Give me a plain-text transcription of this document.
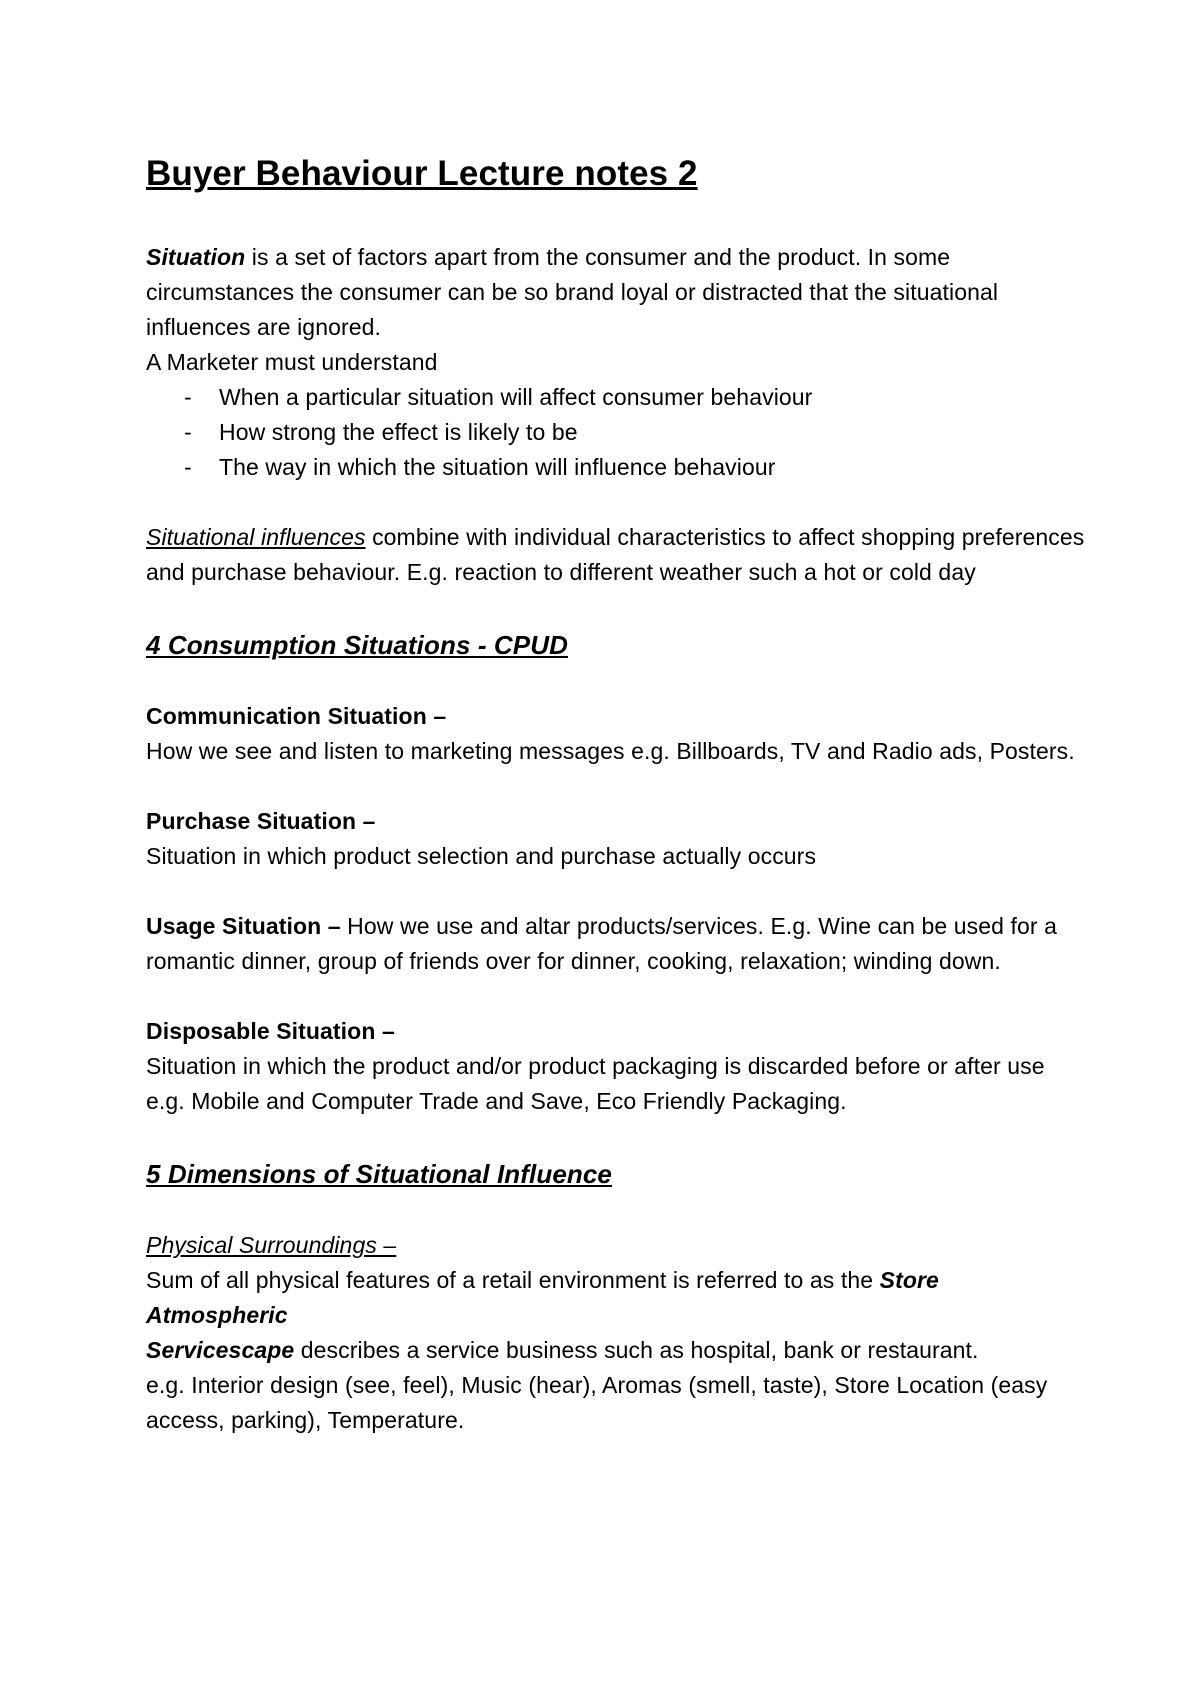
Buyer Behaviour Lecture notes 2

Situation is a set of factors apart from the consumer and the product. In some circumstances the consumer can be so brand loyal or distracted that the situational influences are ignored.

A Marketer must understand

- When a particular situation will affect consumer behaviour
- How strong the effect is likely to be
- The way in which the situation will influence behaviour

Situational influences combine with individual characteristics to affect shopping preferences and purchase behaviour. E.g. reaction to different weather such a hot or cold day

4 Consumption Situations - CPUD

Communication Situation –

How we see and listen to marketing messages e.g. Billboards, TV and Radio ads, Posters.

Purchase Situation –

Situation in which product selection and purchase actually occurs

Usage Situation – How we use and altar products/services. E.g. Wine can be used for a romantic dinner, group of friends over for dinner, cooking, relaxation; winding down.

Disposable Situation –

Situation in which the product and/or product packaging is discarded before or after use e.g. Mobile and Computer Trade and Save, Eco Friendly Packaging.

5 Dimensions of Situational Influence

Physical Surroundings –

Sum of all physical features of a retail environment is referred to as the Store Atmospheric

Servicescape describes a service business such as hospital, bank or restaurant.

e.g. Interior design (see, feel), Music (hear), Aromas (smell, taste), Store Location (easy access, parking), Temperature.
